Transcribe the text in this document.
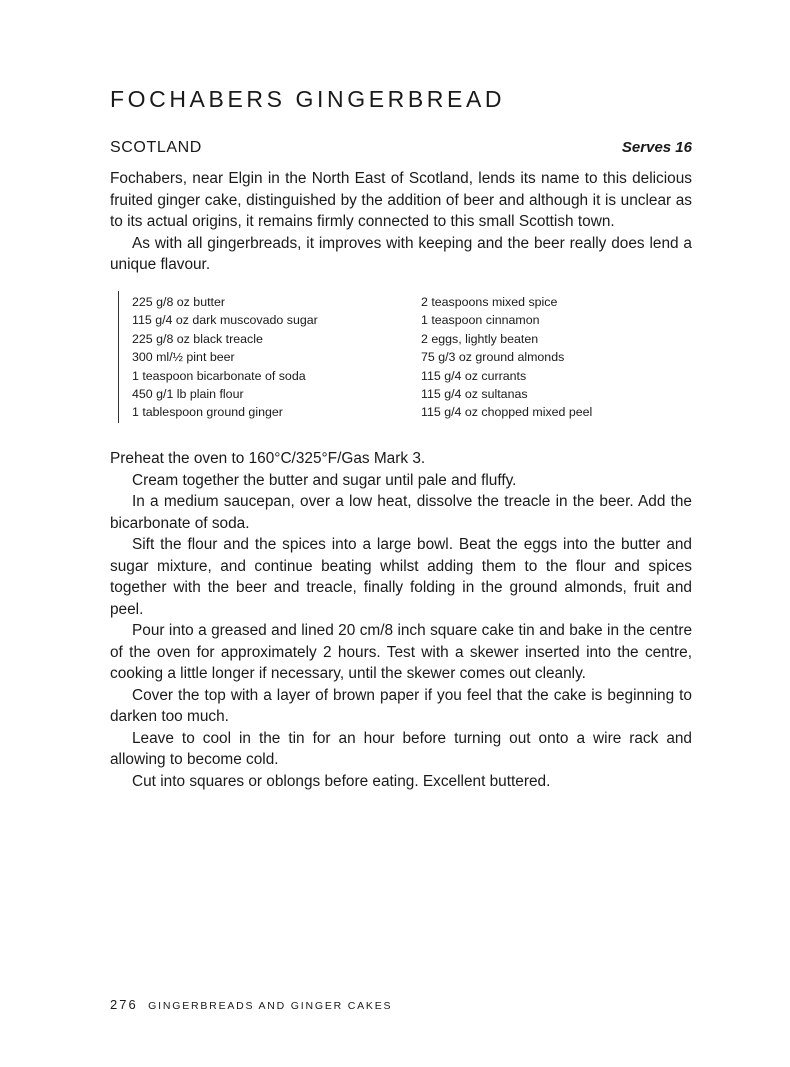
FOCHABERS GINGERBREAD
SCOTLAND	Serves 16

Fochabers, near Elgin in the North East of Scotland, lends its name to this delicious fruited ginger cake, distinguished by the addition of beer and although it is unclear as to its actual origins, it remains firmly connected to this small Scottish town.

As with all gingerbreads, it improves with keeping and the beer really does lend a unique flavour.

225 g/8 oz butter
115 g/4 oz dark muscovado sugar
225 g/8 oz black treacle
300 ml/½ pint beer
1 teaspoon bicarbonate of soda
450 g/1 lb plain flour
1 tablespoon ground ginger
2 teaspoons mixed spice
1 teaspoon cinnamon
2 eggs, lightly beaten
75 g/3 oz ground almonds
115 g/4 oz currants
115 g/4 oz sultanas
115 g/4 oz chopped mixed peel

Preheat the oven to 160°C/325°F/Gas Mark 3.

Cream together the butter and sugar until pale and fluffy.

In a medium saucepan, over a low heat, dissolve the treacle in the beer. Add the bicarbonate of soda.

Sift the flour and the spices into a large bowl. Beat the eggs into the butter and sugar mixture, and continue beating whilst adding them to the flour and spices together with the beer and treacle, finally folding in the ground almonds, fruit and peel.

Pour into a greased and lined 20 cm/8 inch square cake tin and bake in the centre of the oven for approximately 2 hours. Test with a skewer inserted into the centre, cooking a little longer if necessary, until the skewer comes out cleanly.

Cover the top with a layer of brown paper if you feel that the cake is beginning to darken too much.

Leave to cool in the tin for an hour before turning out onto a wire rack and allowing to become cold.

Cut into squares or oblongs before eating. Excellent buttered.

276 GINGERBREADS AND GINGER CAKES
